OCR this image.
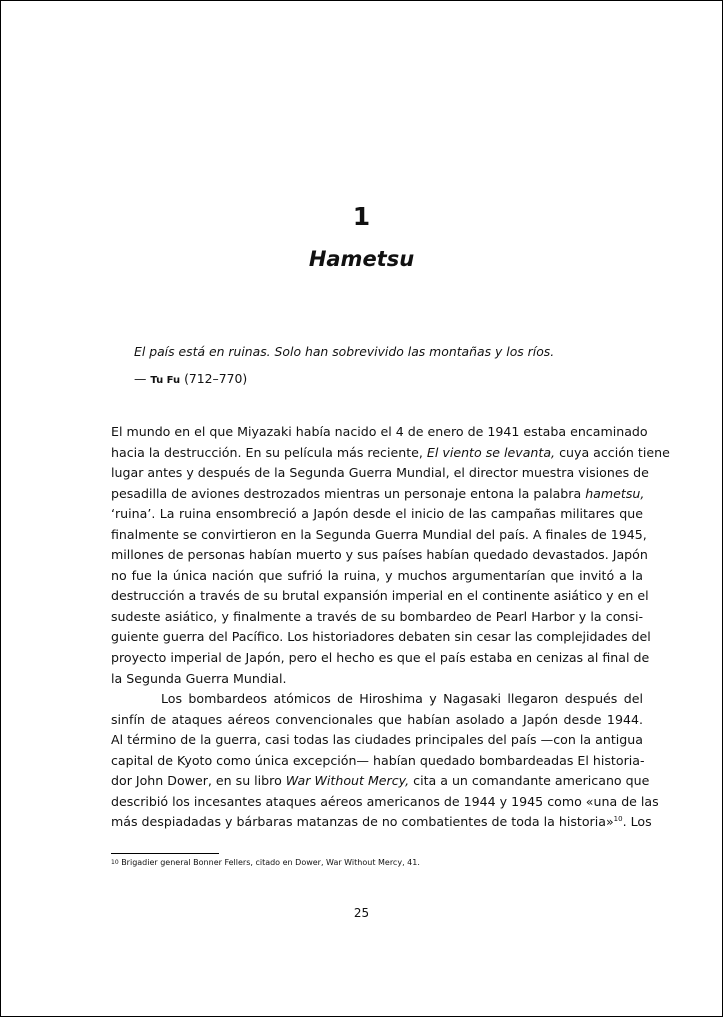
1
Hametsu
El país está en ruinas. Solo han sobrevivido las montañas y los ríos.
— Tu Fu (712–770)
El mundo en el que Miyazaki había nacido el 4 de enero de 1941 estaba encaminado
hacia la destrucción. En su película más reciente, El viento se levanta, cuya acción tiene
lugar antes y después de la Segunda Guerra Mundial, el director muestra visiones de
pesadilla de aviones destrozados mientras un personaje entona la palabra hametsu,
‘ruina’. La ruina ensombreció a Japón desde el inicio de las campañas militares que
finalmente se convirtieron en la Segunda Guerra Mundial del país. A finales de 1945,
millones de personas habían muerto y sus países habían quedado devastados. Japón
no fue la única nación que sufrió la ruina, y muchos argumentarían que invitó a la
destrucción a través de su brutal expansión imperial en el continente asiático y en el
sudeste asiático, y finalmente a través de su bombardeo de Pearl Harbor y la consi-
guiente guerra del Pacífico. Los historiadores debaten sin cesar las complejidades del
proyecto imperial de Japón, pero el hecho es que el país estaba en cenizas al final de
la Segunda Guerra Mundial.
Los bombardeos atómicos de Hiroshima y Nagasaki llegaron después del
sinfín de ataques aéreos convencionales que habían asolado a Japón desde 1944.
Al término de la guerra, casi todas las ciudades principales del país —con la antigua
capital de Kyoto como única excepción— habían quedado bombardeadas El historia-
dor John Dower, en su libro War Without Mercy, cita a un comandante americano que
describió los incesantes ataques aéreos americanos de 1944 y 1945 como «una de las
más despiadadas y bárbaras matanzas de no combatientes de toda la historia»$^{10}$. Los
10 Brigadier general Bonner Fellers, citado en Dower, War Without Mercy, 41.
25
